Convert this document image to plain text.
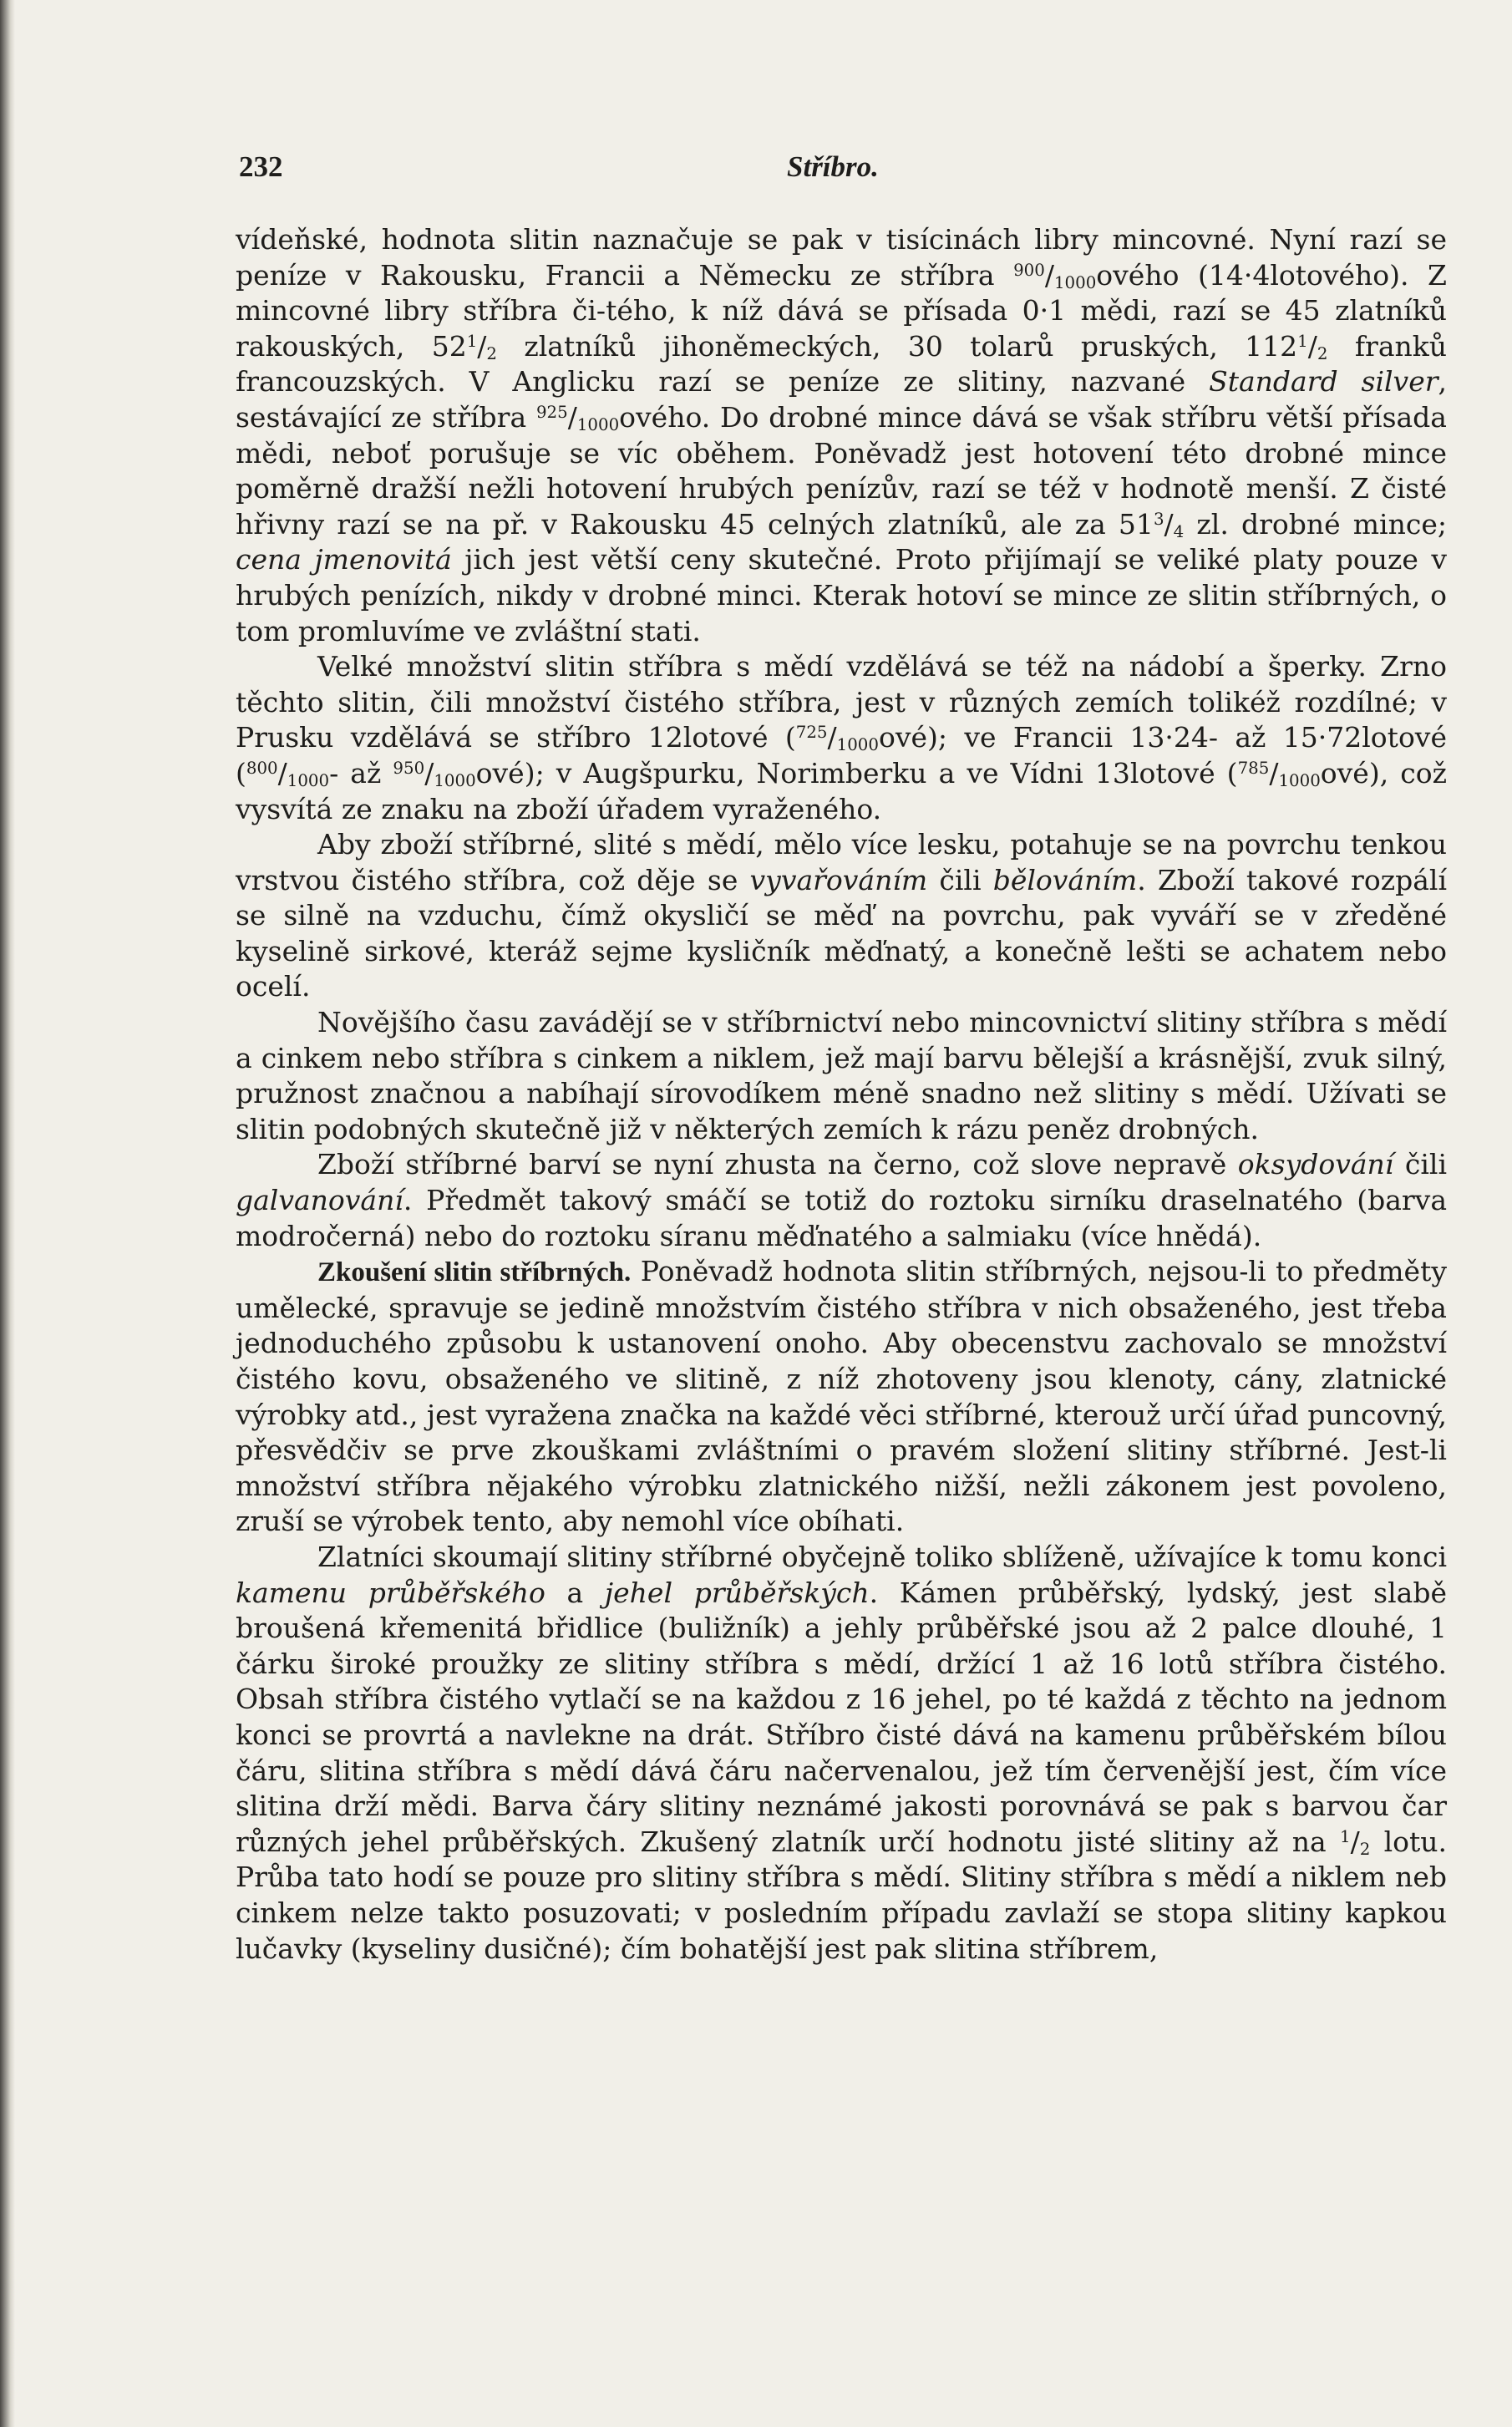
232	Stříbro.

vídeňské, hodnota slitin naznačuje se pak v tisícinách libry mincovné. Nyní razí se peníze v Rakousku, Francii a Německu ze stříbra $^{900}/_{1000}ového$ (14·4lotového). Z mincovné libry stříbra či-tého, k níž dává se přísada 0·1 mědi, razí se 45 zlatníků rakouských, $52^1/_2$ zlatníků jihoněmeckých, 30 tolarů pruských, $112^1/_2$ franků francouzských. V Anglicku razí se peníze ze slitiny, nazvané Standard silver, sestávající ze stříbra $^{925}/_{1000}ového$. Do drobné mince dává se však stříbru větší přísada mědi, neboť porušuje se víc oběhem. Poněvadž jest hotovení této drobné mince poměrně dražší nežli hotovení hrubých penízův, razí se též v hodnotě menší. Z čisté hřivny razí se na př. v Rakousku 45 celných zlatníků, ale za $51^3/_4$ zl. drobné mince; cena jmenovitá jich jest větší ceny skutečné. Proto přijímají se veliké platy pouze v hrubých penízích, nikdy v drobné minci. Kterak hotoví se mince ze slitin stříbrných, o tom promluvíme ve zvláštní stati.

Velké množství slitin stříbra s mědí vzdělává se též na nádobí a šperky. Zrno těchto slitin, čili množství čistého stříbra, jest v různých zemích tolikéž rozdílné; v Prusku vzdělává se stříbro 12lotové $(^{725}/_{1000}ové)$; ve Francii 13·24- až 15·72lotové ($^{800}/_{1000}-$ až $^{950}/_{1000}ové$); v Augšpurku, Norimberku a ve Vídni 13lotové $(^{785}/_{1000}ové)$, což vysvítá ze znaku na zboží úřadem vyraženého.

Aby zboží stříbrné, slité s mědí, mělo více lesku, potahuje se na povrchu tenkou vrstvou čistého stříbra, což děje se vyvařováním čili bělováním. Zboží takové rozpálí se silně na vzduchu, čímž okysličí se měď na povrchu, pak vyváří se v zředěné kyselině sirkové, kteráž sejme kysličník měďnatý, a konečně lešti se achatem nebo ocelí.

Novějšího času zavádějí se v stříbrnictví nebo mincovnictví slitiny stříbra s mědí a cinkem nebo stříbra s cinkem a niklem, jež mají barvu bělejší a krásnější, zvuk silný, pružnost značnou a nabíhají sírovodíkem méně snadno než slitiny s mědí. Užívati se slitin podobných skutečně již v některých zemích k rázu peněz drobných.

Zboží stříbrné barví se nyní zhusta na černo, což slove nepravě oksydování čili galvanování. Předmět takový smáčí se totiž do roztoku sirníku draselnatého (barva modročerná) nebo do roztoku síranu měďnatého a salmiaku (více hnědá).

Zkoušení slitin stříbrných. Poněvadž hodnota slitin stříbrných, nejsou-li to předměty umělecké, spravuje se jedině množstvím čistého stříbra v nich obsaženého, jest třeba jednoduchého způsobu k ustanovení onoho. Aby obecenstvu zachovalo se množství čistého kovu, obsaženého ve slitině, z níž zhotoveny jsou klenoty, cány, zlatnické výrobky atd., jest vyražena značka na každé věci stříbrné, kterouž určí úřad puncovný, přesvědčiv se prve zkouškami zvláštními o pravém složení slitiny stříbrné. Jest-li množství stříbra nějakého výrobku zlatnického nižší, nežli zákonem jest povoleno, zruší se výrobek tento, aby nemohl více obíhati.

Zlatníci skoumají slitiny stříbrné obyčejně toliko sblíženě, užívajíce k tomu konci kamenu průběřského a jehel průběřských. Kámen průběřský, lydský, jest slabě broušená křemenitá břidlice (buližník) a jehly průběřské jsou až 2 palce dlouhé, 1 čárku široké proužky ze slitiny stříbra s mědí, držící 1 až 16 lotů stříbra čistého. Obsah stříbra čistého vytlačí se na každou z 16 jehel, po té každá z těchto na jednom konci se provrtá a navlekne na drát. Stříbro čisté dává na kamenu průběřském bílou čáru, slitina stříbra s mědí dává čáru načervenalou, jež tím červenější jest, čím více slitina drží mědi. Barva čáry slitiny neznámé jakosti porovnává se pak s barvou čar různých jehel průběřských. Zkušený zlatník určí hodnotu jisté slitiny až na $^1/_2$ lotu. Průba tato hodí se pouze pro slitiny stříbra s mědí. Slitiny stříbra s mědí a niklem neb cinkem nelze takto posuzovati; v posledním případu zavlaží se stopa slitiny kapkou lučavky (kyseliny dusičné); čím bohatější jest pak slitina stříbrem,
